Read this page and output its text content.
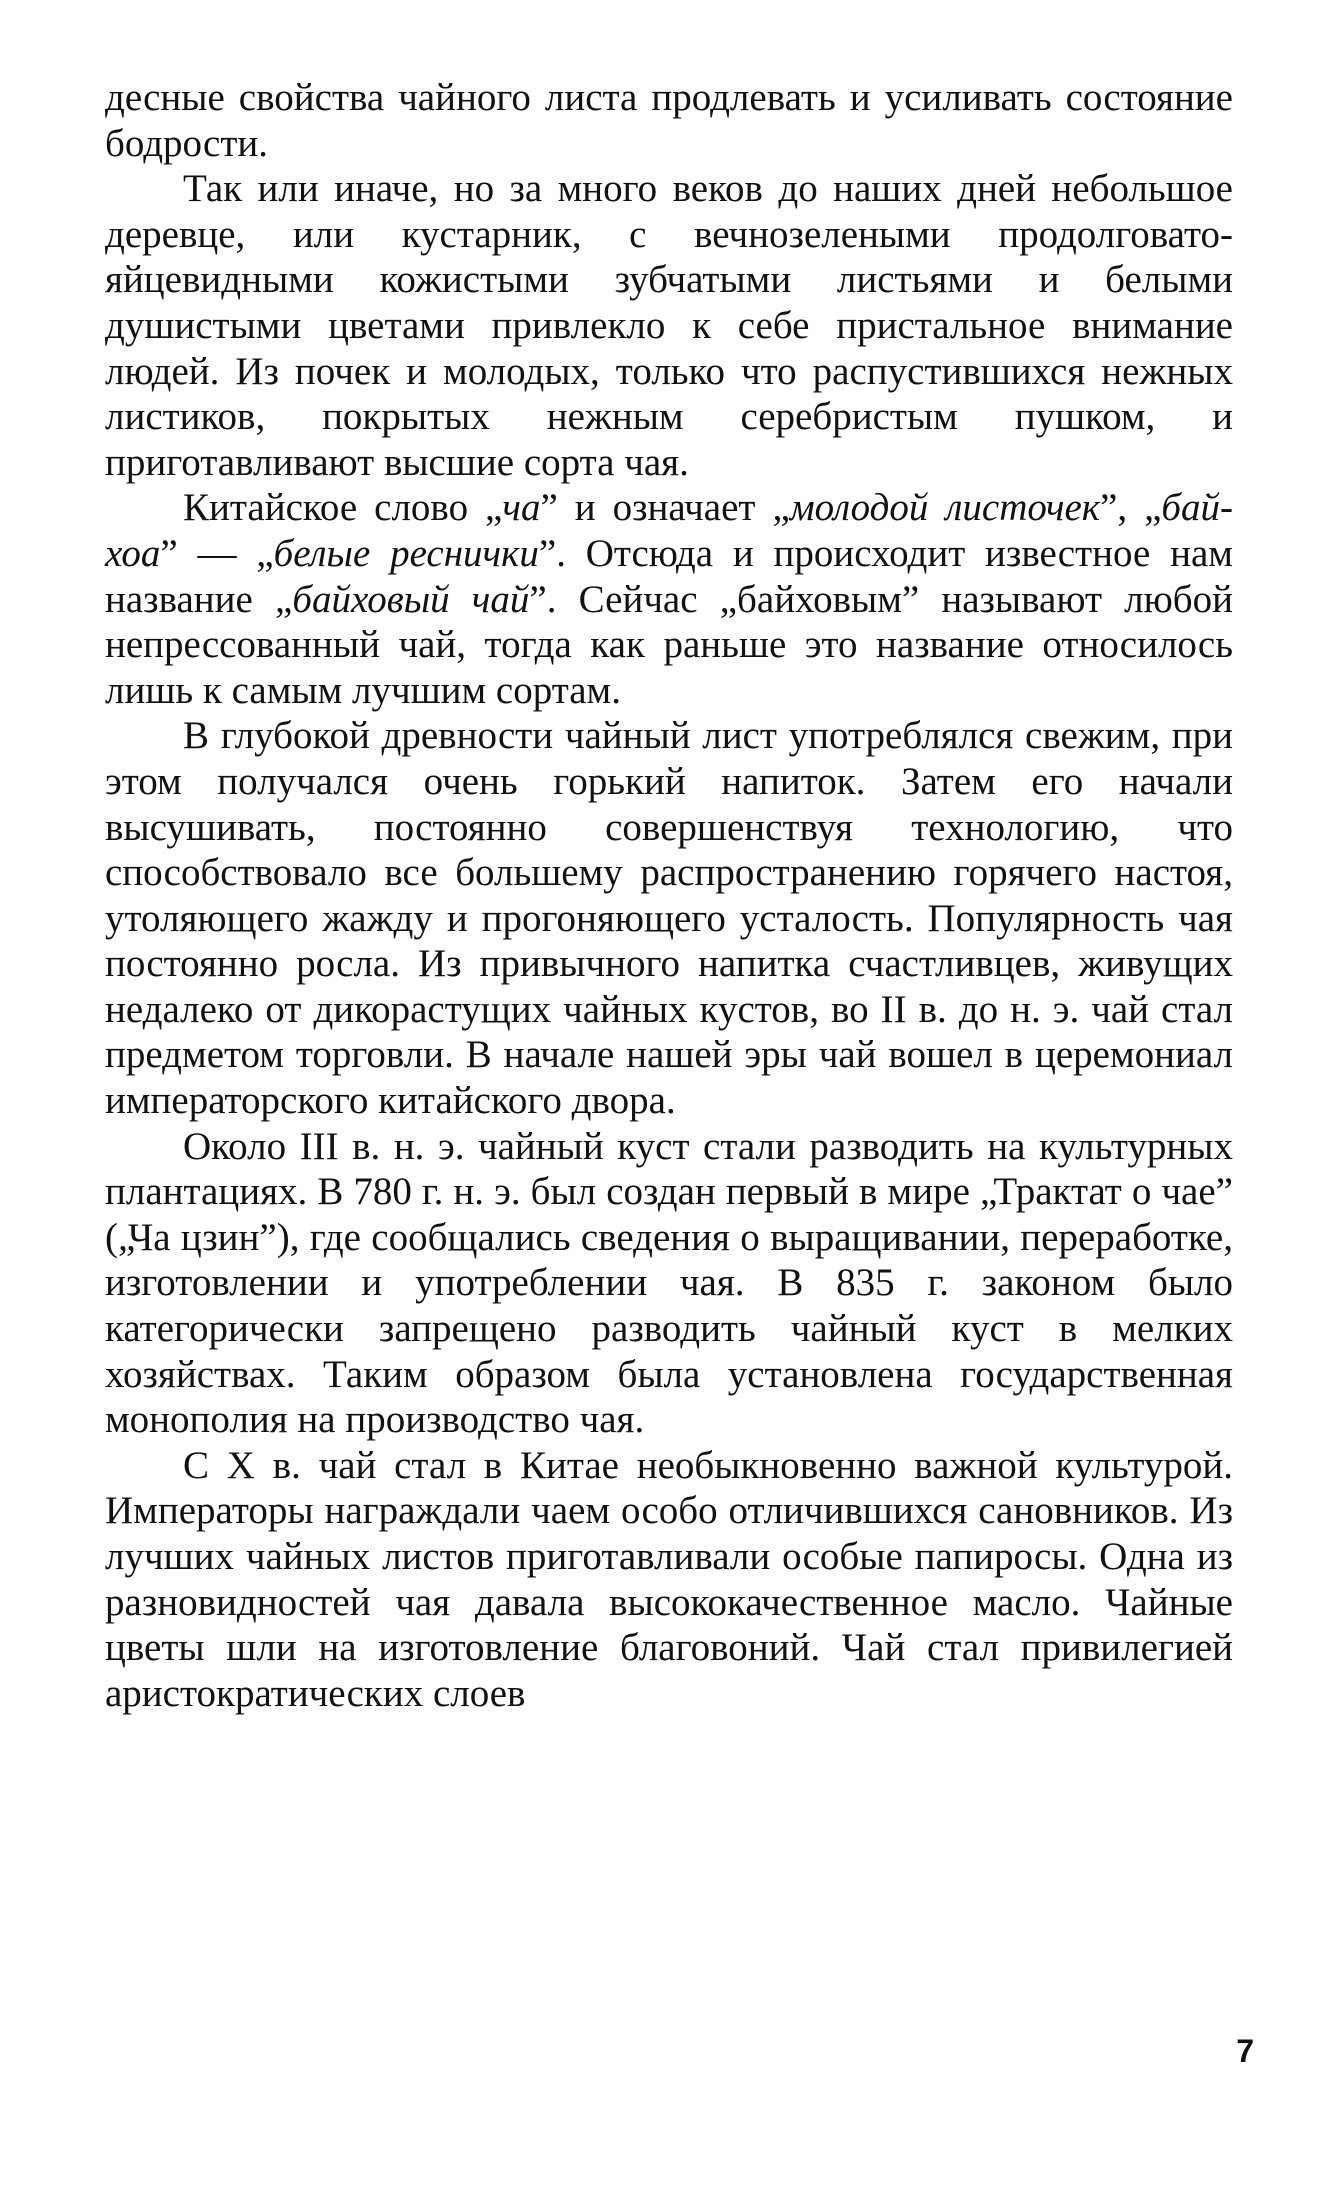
десные свойства чайного листа продлевать и усиливать состояние бодрости.

Так или иначе, но за много веков до наших дней небольшое деревце, или кустарник, с вечнозелеными продолговато-яйцевидными кожистыми зубчатыми листьями и белыми душистыми цветами привлекло к себе пристальное внимание людей. Из почек и молодых, только что распустившихся нежных листиков, покрытых нежным серебристым пушком, и приготавливают высшие сорта чая.

Китайское слово „ча” и означает „молодой листочек”, „бай-хоа” — „белые реснички”. Отсюда и происходит известное нам название „байховый чай”. Сейчас „байховым” называют любой непрессованный чай, тогда как раньше это название относилось лишь к самым лучшим сортам.

В глубокой древности чайный лист употреблялся свежим, при этом получался очень горький напиток. Затем его начали высушивать, постоянно совершенствуя технологию, что способствовало все большему распространению горячего настоя, утоляющего жажду и прогоняющего усталость. Популярность чая постоянно росла. Из привычного напитка счастливцев, живущих недалеко от дикорастущих чайных кустов, во II в. до н. э. чай стал предметом торговли. В начале нашей эры чай вошел в церемониал императорского китайского двора.

Около III в. н. э. чайный куст стали разводить на культурных плантациях. В 780 г. н. э. был создан первый в мире „Трактат о чае” („Ча цзин”), где сообщались сведения о выращивании, переработке, изготовлении и употреблении чая. В 835 г. законом было категорически запрещено разводить чайный куст в мелких хозяйствах. Таким образом была установлена государственная монополия на производство чая.

С X в. чай стал в Китае необыкновенно важной культурой. Императоры награждали чаем особо отличившихся сановников. Из лучших чайных листов приготавливали особые папиросы. Одна из разновидностей чая давала высококачественное масло. Чайные цветы шли на изготовление благовоний. Чай стал привилегией аристократических слоев

7
